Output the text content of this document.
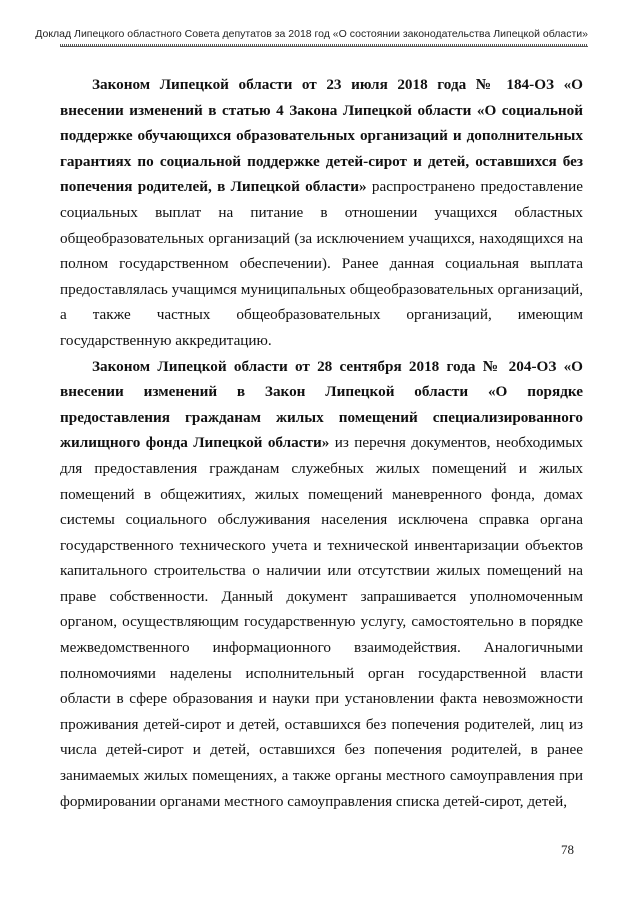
Доклад Липецкого областного Совета депутатов за 2018 год «О состоянии законодательства Липецкой области»

Законом Липецкой области от 23 июля 2018 года № 184-ОЗ «О внесении изменений в статью 4 Закона Липецкой области «О социальной поддержке обучающихся образовательных организаций и дополнительных гарантиях по социальной поддержке детей-сирот и детей, оставшихся без попечения родителей, в Липецкой области» распространено предоставление социальных выплат на питание в отношении учащихся областных общеобразовательных организаций (за исключением учащихся, находящихся на полном государственном обеспечении). Ранее данная социальная выплата предоставлялась учащимся муниципальных общеобразовательных организаций, а также частных общеобразовательных организаций, имеющим государственную аккредитацию.

Законом Липецкой области от 28 сентября 2018 года № 204-ОЗ «О внесении изменений в Закон Липецкой области «О порядке предоставления гражданам жилых помещений специализированного жилищного фонда Липецкой области» из перечня документов, необходимых для предоставления гражданам служебных жилых помещений и жилых помещений в общежитиях, жилых помещений маневренного фонда, домах системы социального обслуживания населения исключена справка органа государственного технического учета и технической инвентаризации объектов капитального строительства о наличии или отсутствии жилых помещений на праве собственности. Данный документ запрашивается уполномоченным органом, осуществляющим государственную услугу, самостоятельно в порядке межведомственного информационного взаимодействия. Аналогичными полномочиями наделены исполнительный орган государственной власти области в сфере образования и науки при установлении факта невозможности проживания детей-сирот и детей, оставшихся без попечения родителей, лиц из числа детей-сирот и детей, оставшихся без попечения родителей, в ранее занимаемых жилых помещениях, а также органы местного самоуправления при формировании органами местного самоуправления списка детей-сирот, детей,

78
